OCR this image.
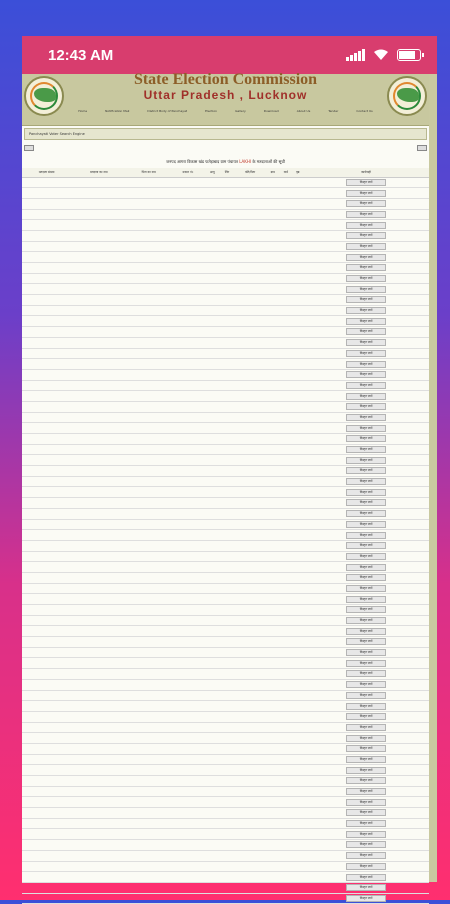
12:43 AM
State Election Commission
Uttar Pradesh , Lucknow
Home	Notification Mail	District Body of Panchayat	Election	Gallery	Download	About Us	Tender	Contact Us
Panchayati Voter Search Engine
जनपद आगरा विकास खंड फतेहाबाद ग्राम पंचायत LAKHI के मतदाताओं की सूची
मतदाता संख्या	मतदाता का नाम	पिता का नाम	मकान नं०	आयु	लिंग	पति/पिता	ग्राम	वार्ड	पृष्ठ	कार्यवाही
										विस्तृत जानें
										विस्तृत जानें
										विस्तृत जानें
										विस्तृत जानें
										विस्तृत जानें
										विस्तृत जानें
										विस्तृत जानें
										विस्तृत जानें
										विस्तृत जानें
										विस्तृत जानें
										विस्तृत जानें
										विस्तृत जानें
										विस्तृत जानें
										विस्तृत जानें
										विस्तृत जानें
										विस्तृत जानें
										विस्तृत जानें
										विस्तृत जानें
										विस्तृत जानें
										विस्तृत जानें
										विस्तृत जानें
										विस्तृत जानें
										विस्तृत जानें
										विस्तृत जानें
										विस्तृत जानें
										विस्तृत जानें
										विस्तृत जानें
										विस्तृत जानें
										विस्तृत जानें
										विस्तृत जानें
										विस्तृत जानें
										विस्तृत जानें
										विस्तृत जानें
										विस्तृत जानें
										विस्तृत जानें
										विस्तृत जानें
										विस्तृत जानें
										विस्तृत जानें
										विस्तृत जानें
										विस्तृत जानें
										विस्तृत जानें
										विस्तृत जानें
										विस्तृत जानें
										विस्तृत जानें
										विस्तृत जानें
										विस्तृत जानें
										विस्तृत जानें
										विस्तृत जानें
										विस्तृत जानें
										विस्तृत जानें
										विस्तृत जानें
										विस्तृत जानें
										विस्तृत जानें
										विस्तृत जानें
										विस्तृत जानें
										विस्तृत जानें
										विस्तृत जानें
										विस्तृत जानें
										विस्तृत जानें
										विस्तृत जानें
										विस्तृत जानें
										विस्तृत जानें
										विस्तृत जानें
										विस्तृत जानें
										विस्तृत जानें
										विस्तृत जानें
										विस्तृत जानें
										विस्तृत जानें
